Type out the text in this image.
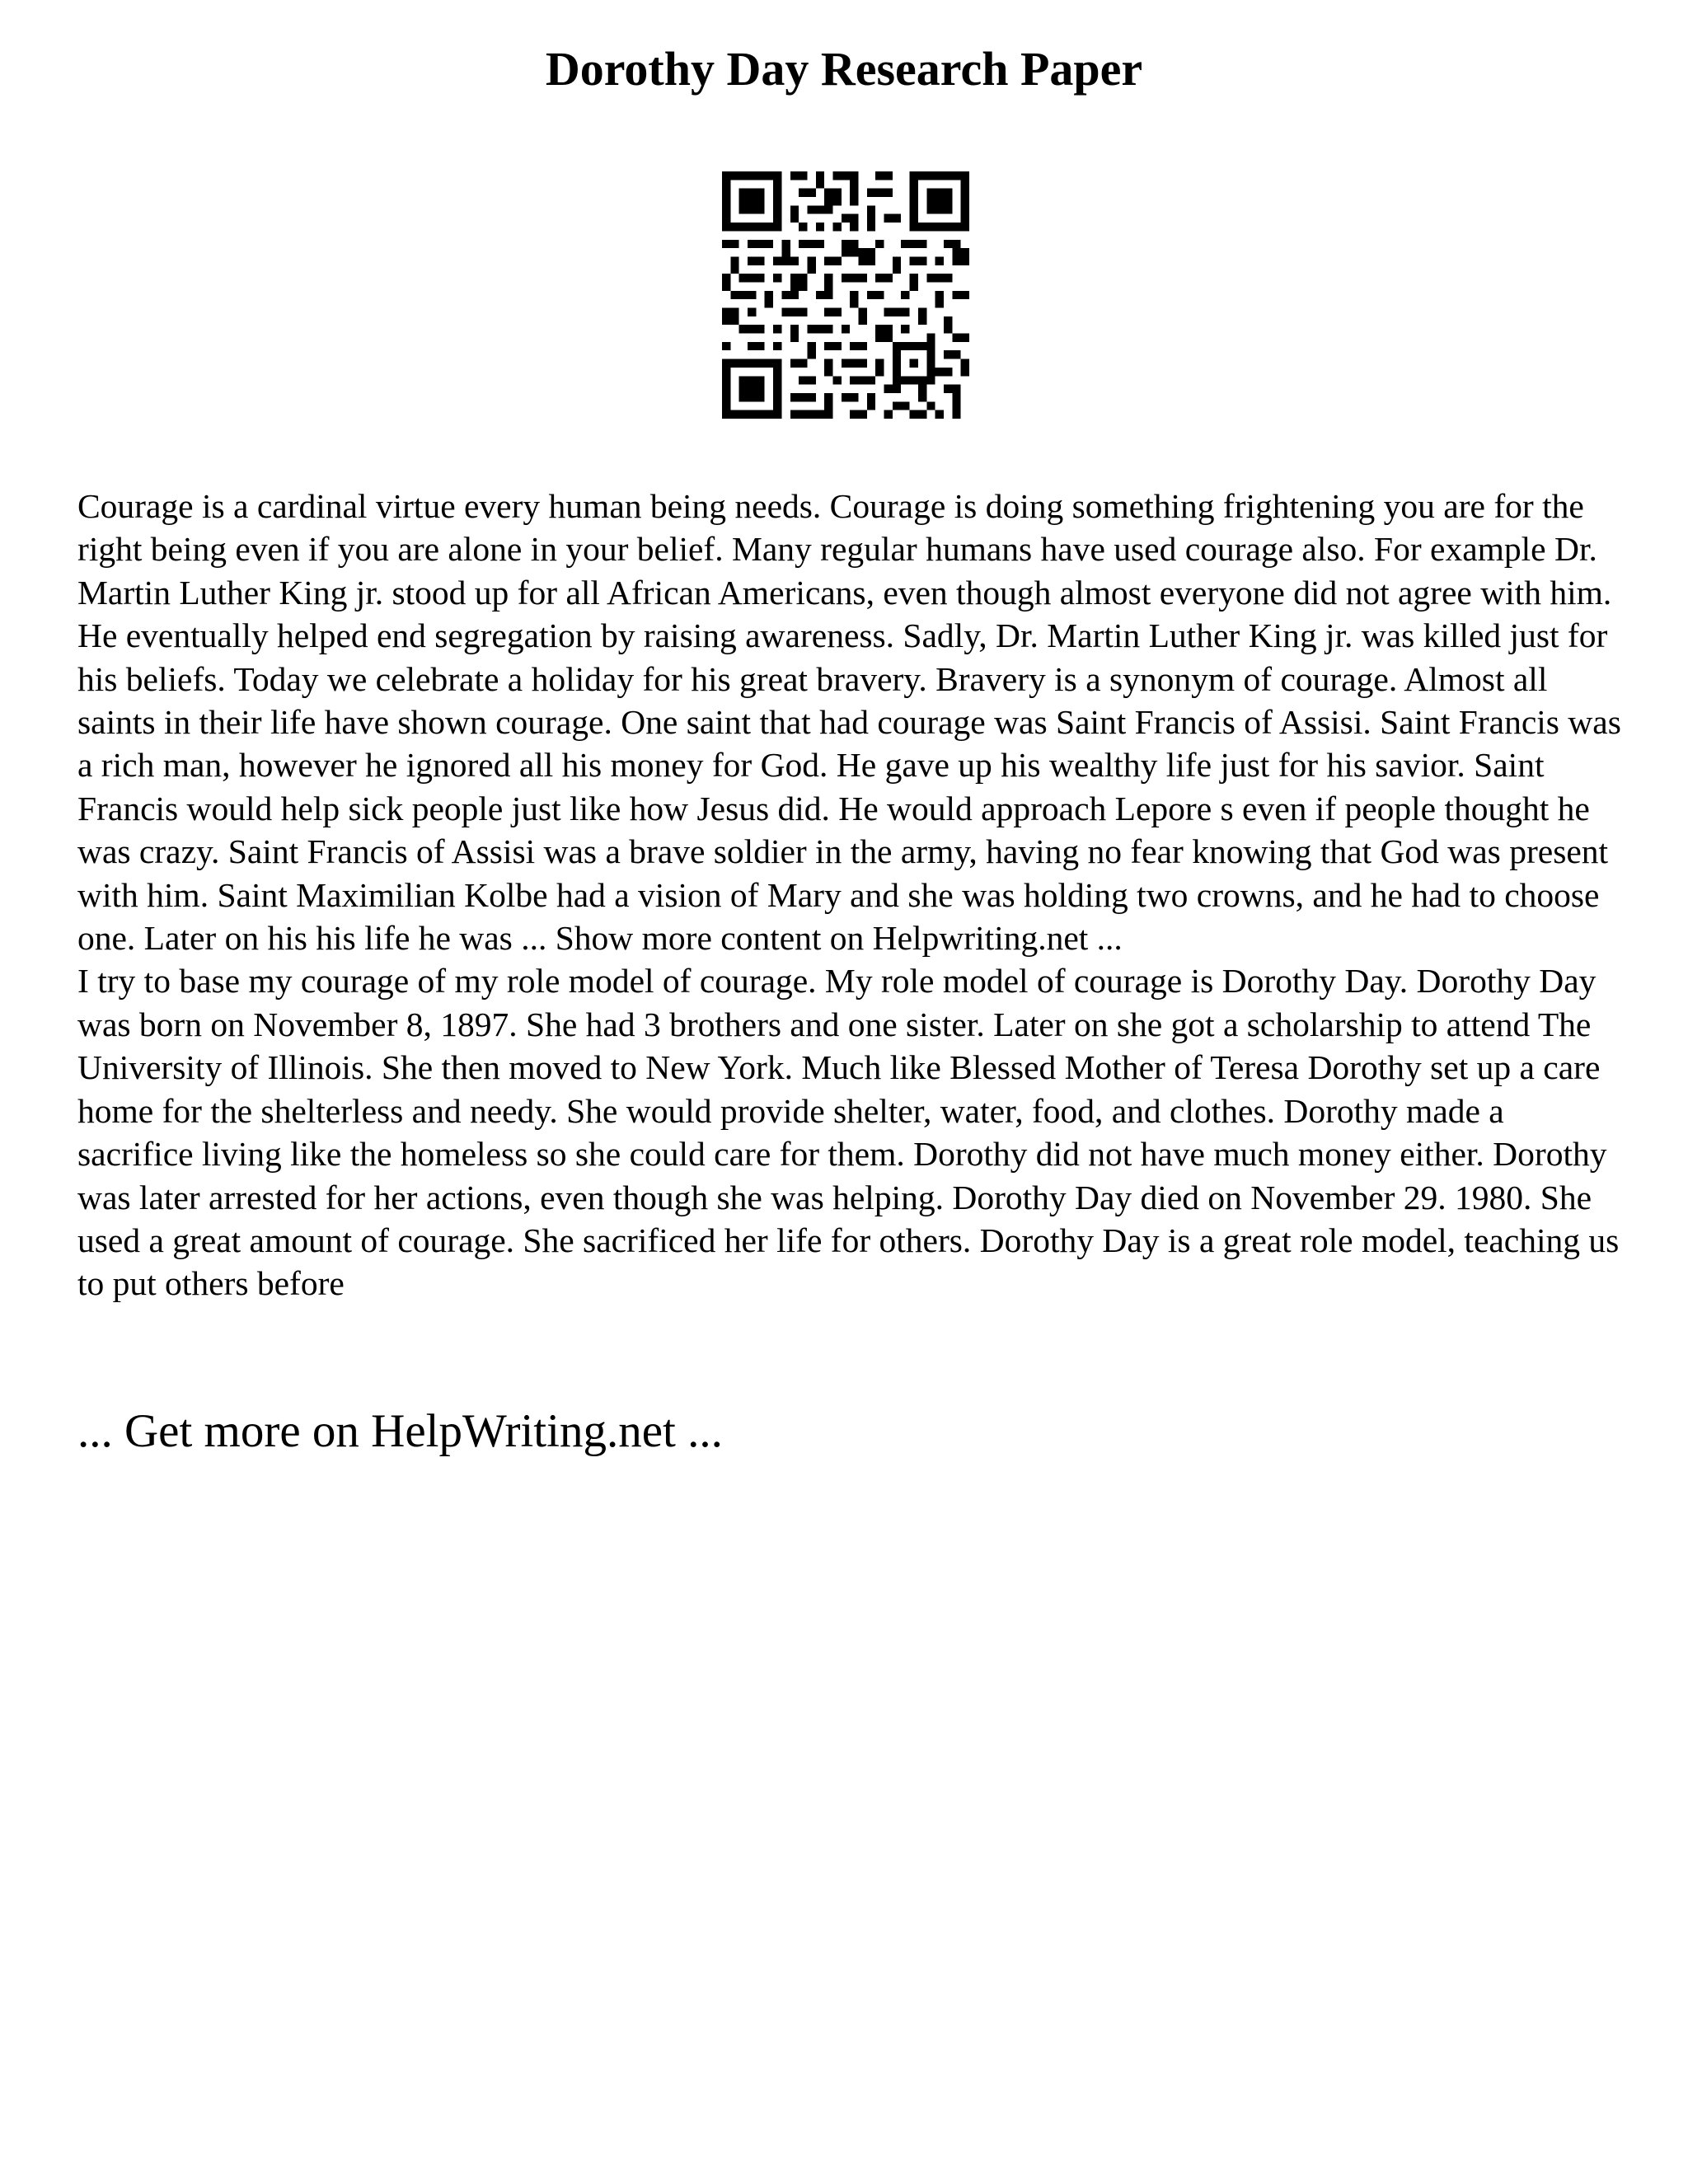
Dorothy Day Research Paper

Courage is a cardinal virtue every human being needs. Courage is doing something frightening you are for the right being even if you are alone in your belief. Many regular humans have used courage also. For example Dr. Martin Luther King jr. stood up for all African Americans, even though almost everyone did not agree with him. He eventually helped end segregation by raising awareness. Sadly, Dr. Martin Luther King jr. was killed just for his beliefs. Today we celebrate a holiday for his great bravery. Bravery is a synonym of courage. Almost all saints in their life have shown courage. One saint that had courage was Saint Francis of Assisi. Saint Francis was a rich man, however he ignored all his money for God. He gave up his wealthy life just for his savior. Saint Francis would help sick people just like how Jesus did. He would approach Lepore s even if people thought he was crazy. Saint Francis of Assisi was a brave soldier in the army, having no fear knowing that God was present with him. Saint Maximilian Kolbe had a vision of Mary and she was holding two crowns, and he had to choose one. Later on his his life he was ... Show more content on Helpwriting.net ...

I try to base my courage of my role model of courage. My role model of courage is Dorothy Day. Dorothy Day was born on November 8, 1897. She had 3 brothers and one sister. Later on she got a scholarship to attend The University of Illinois. She then moved to New York. Much like Blessed Mother of Teresa Dorothy set up a care home for the shelterless and needy. She would provide shelter, water, food, and clothes. Dorothy made a sacrifice living like the homeless so she could care for them. Dorothy did not have much money either. Dorothy was later arrested for her actions, even though she was helping. Dorothy Day died on November 29. 1980. She used a great amount of courage. She sacrificed her life for others. Dorothy Day is a great role model, teaching us to put others before

... Get more on HelpWriting.net ...
